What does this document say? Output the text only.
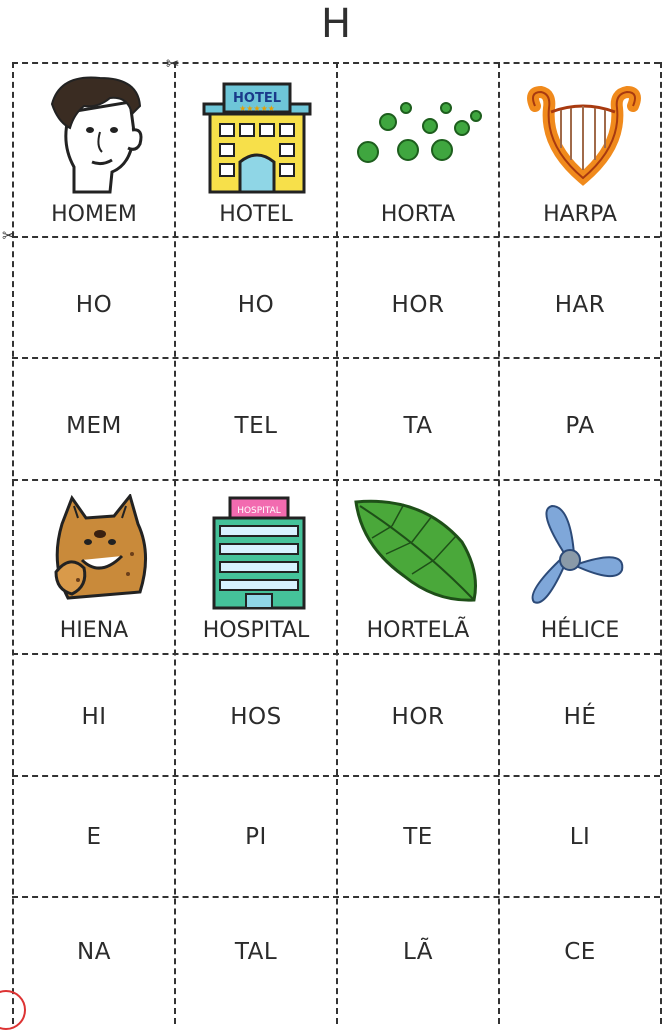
H
✂
✂
HOTEL
★★★★★
HOMEM	HOTEL	HORTA	HARPA
HO	HO	HOR	HAR
MEM	TEL	TA	PA
HOSPITAL
HIENA	HOSPITAL	HORTELÃ	HÉLICE
HI	HOS	HOR	HÉ
E	PI	TE	LI
NA	TAL	LÃ	CE
